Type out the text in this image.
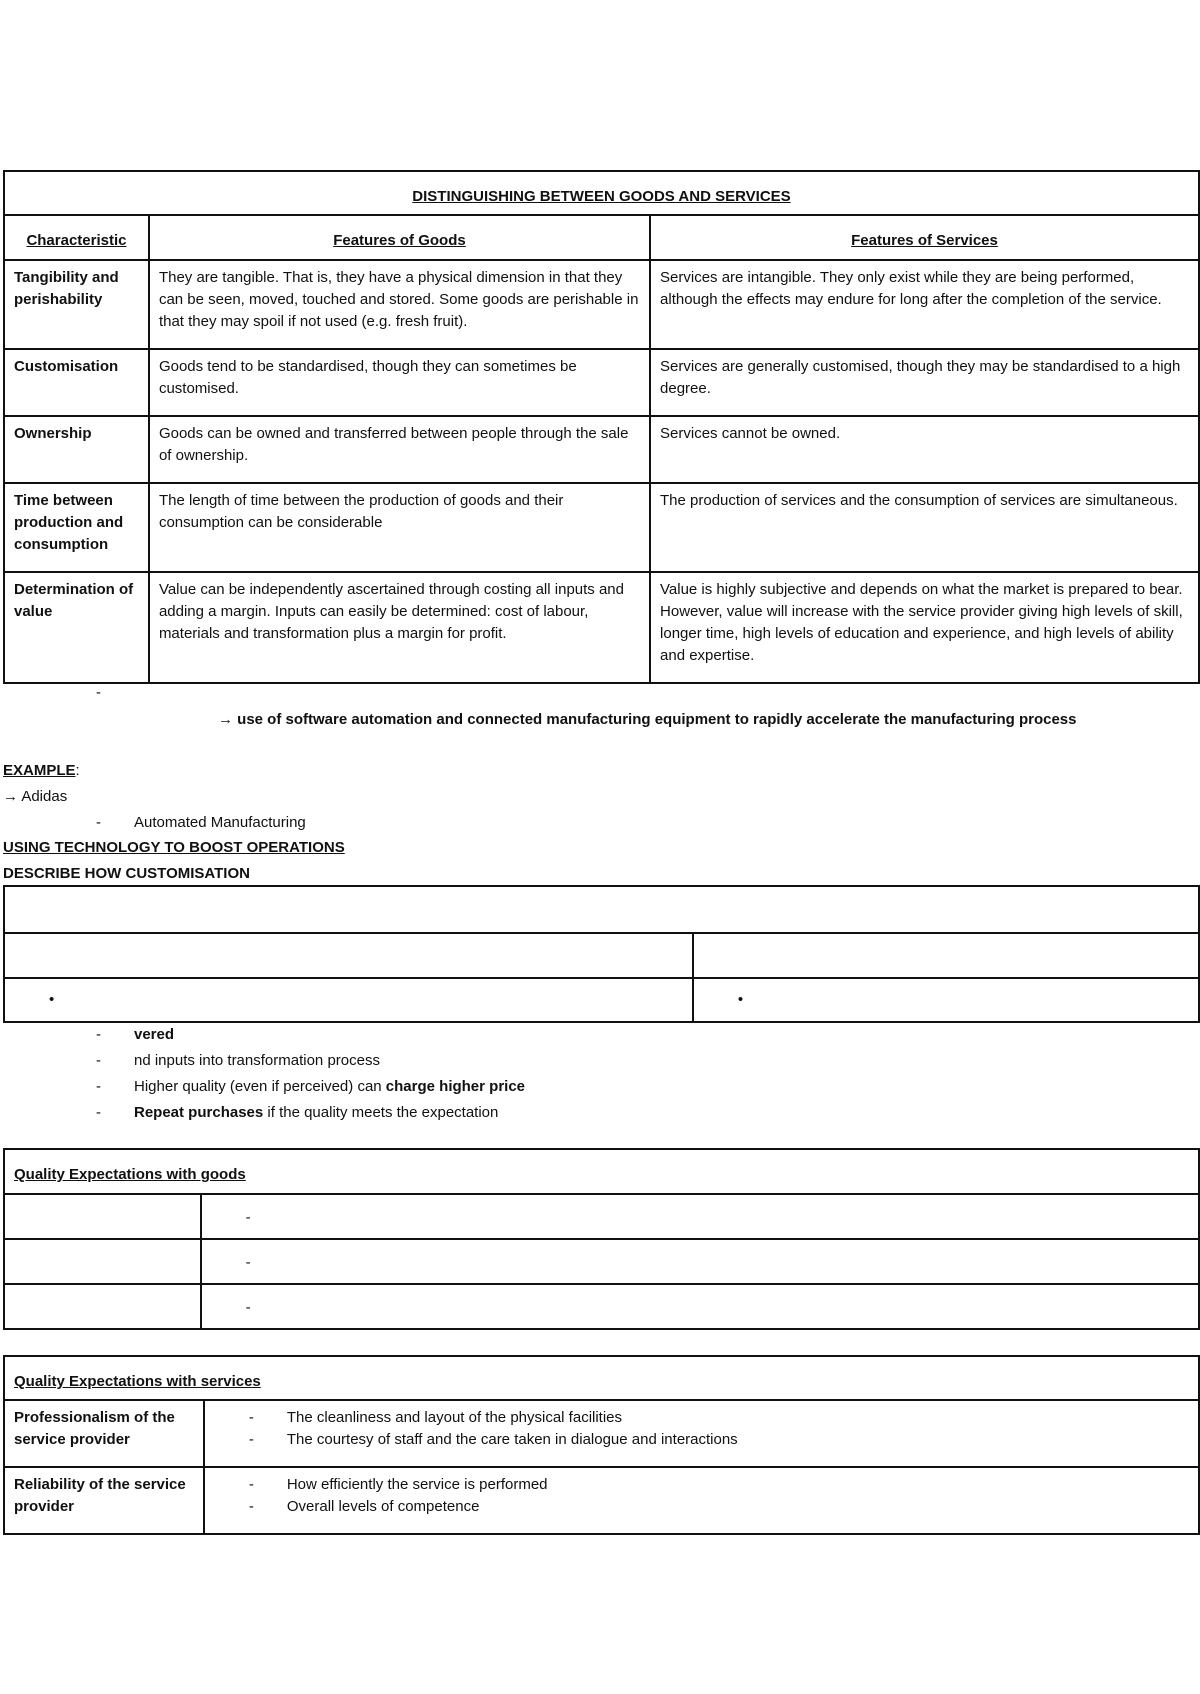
DISTINGUISHING BETWEEN GOODS AND SERVICES		
Characteristic	Features of Goods	Features of Services
Tangibility and perishability	They are tangible. That is, they have a physical dimension in that they can be seen, moved, touched and stored. Some goods are perishable in that they may spoil if not used (e.g. fresh fruit).	Services are intangible. They only exist while they are being performed, although the effects may endure for long after the completion of the service.
Customisation	Goods tend to be standardised, though they can sometimes be customised.	Services are generally customised, though they may be standardised to a high degree.
Ownership	Goods can be owned and transferred between people through the sale of ownership.	Services cannot be owned.
Time between production and consumption	The length of time between the production of goods and their consumption can be considerable	The production of services and the consumption of services are simultaneous.
Determination of value	Value can be independently ascertained through costing all inputs and adding a margin. Inputs can easily be determined: cost of labour, materials and transformation plus a margin for profit.	Value is highly subjective and depends on what the market is prepared to bear. However, value will increase with the service provider giving high levels of skill, longer time, high levels of education and experience, and high levels of ability and expertise.
-
→ use of software automation and connected manufacturing equipment to rapidly accelerate the manufacturing process
EXAMPLE:
→ Adidas
-	Automated Manufacturing
USING TECHNOLOGY TO BOOST OPERATIONS
DESCRIBE HOW CUSTOMISATION

•	•
-	vered
-	nd inputs into transformation process
-	Higher quality (even if perceived) can charge higher price
-	Repeat purchases if the quality meets the expectation
Quality Expectations with goods	
	-
	-
	-
Quality Expectations with services	
Professionalism of the service provider	- The cleanliness and layout of the physical facilities
- The courtesy of staff and the care taken in dialogue and interactions

Reliability of the service provider	- How efficiently the service is performed
- Overall levels of competence
